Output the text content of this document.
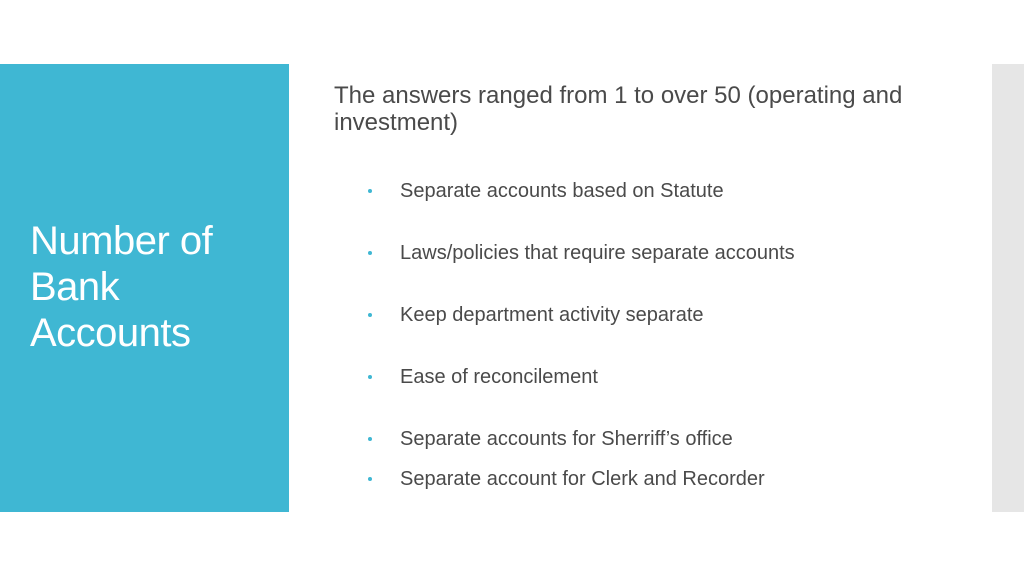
Number of Bank Accounts

The answers ranged from 1 to over 50 (operating and investment)

Separate accounts based on Statute
Laws/policies that require separate accounts
Keep department activity separate
Ease of reconcilement
Separate accounts for Sherriff’s office
Separate account for Clerk and Recorder
